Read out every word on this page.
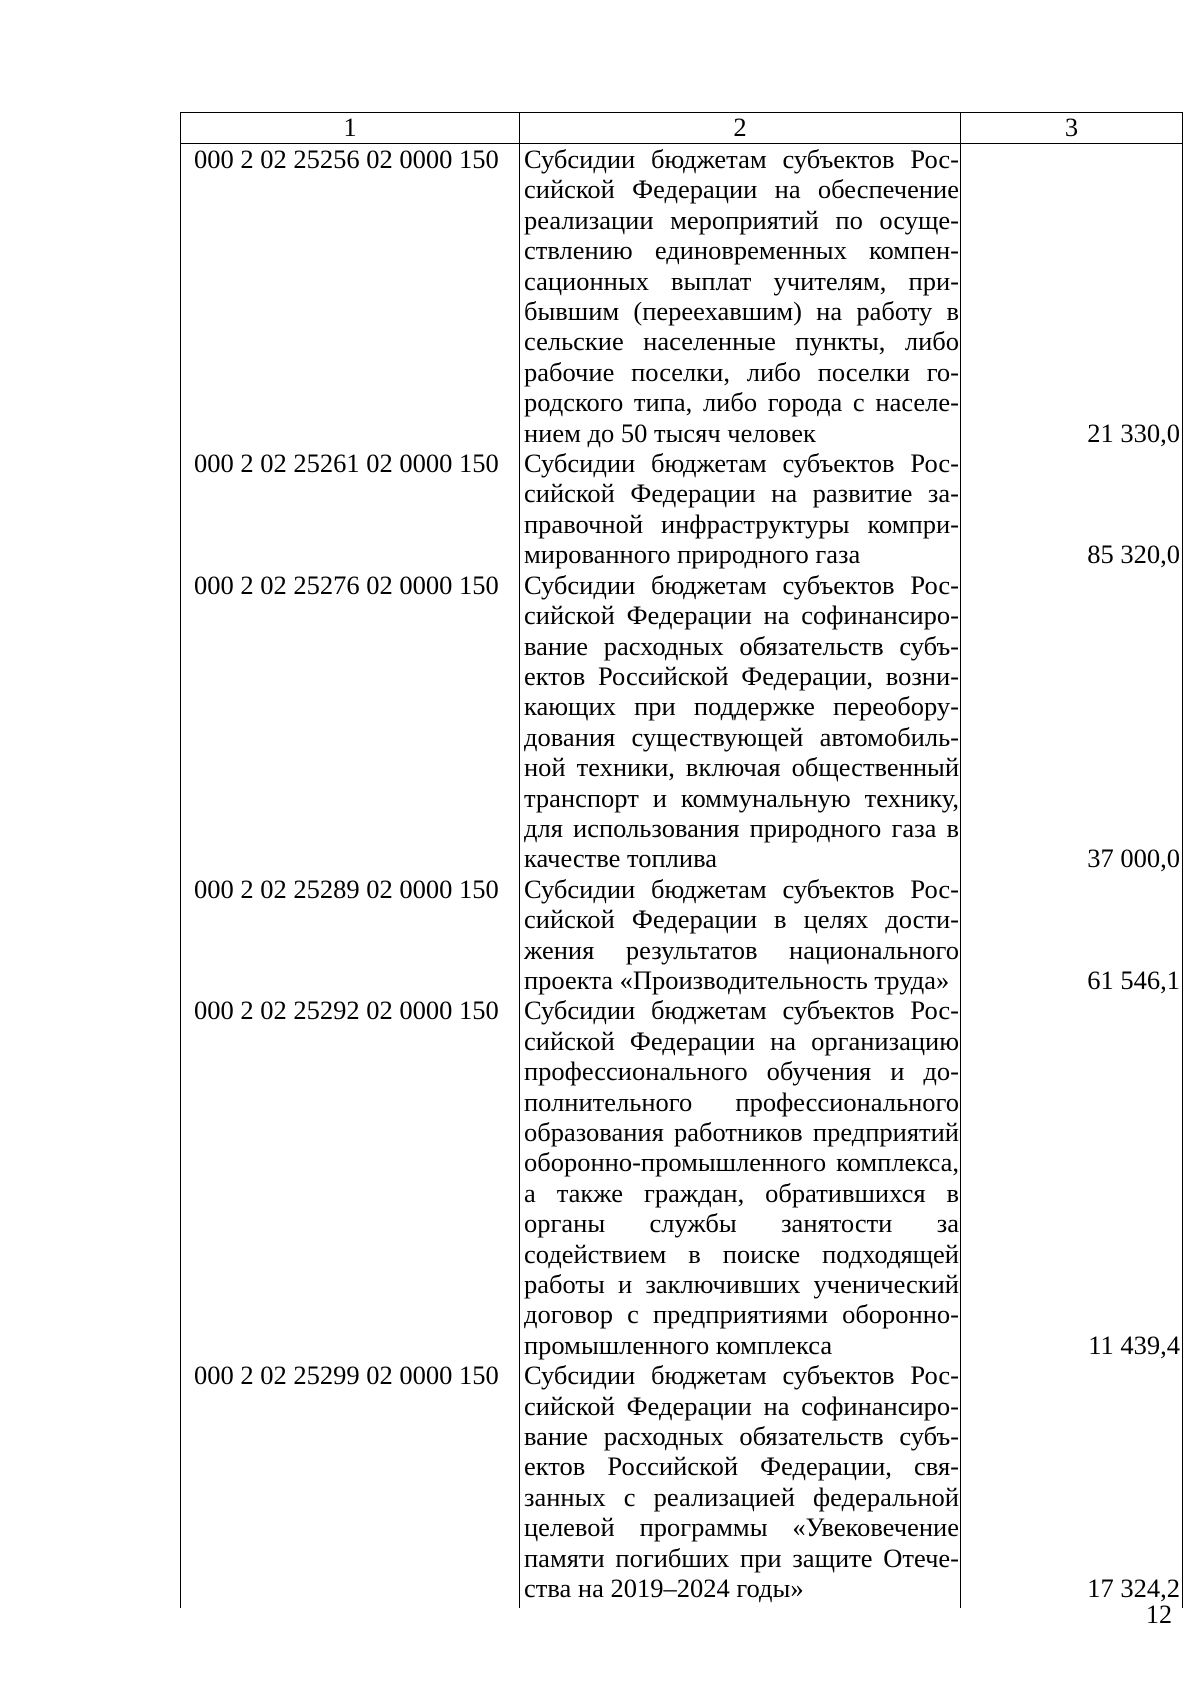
1	2	3
000 2 02 25256 02 0000 150	Субсидии бюджетам субъектов Российской Федерации на обеспечение реализации мероприятий по осуществлению единовременных компенсационных выплат учителям, прибывшим (переехавшим) на работу в сельские населенные пункты, либо рабочие поселки, либо поселки городского типа, либо города с населением до 50 тысяч человек	21 330,0
000 2 02 25261 02 0000 150	Субсидии бюджетам субъектов Российской Федерации на развитие заправочной инфраструктуры компримированного природного газа	85 320,0
000 2 02 25276 02 0000 150	Субсидии бюджетам субъектов Российской Федерации на софинансирование расходных обязательств субъектов Российской Федерации, возникающих при поддержке переоборудования существующей автомобильной техники, включая общественный транспорт и коммунальную технику, для использования природного газа в качестве топлива	37 000,0
000 2 02 25289 02 0000 150	Субсидии бюджетам субъектов Российской Федерации в целях достижения результатов национального проекта «Производительность труда»	61 546,1
000 2 02 25292 02 0000 150	Субсидии бюджетам субъектов Российской Федерации на организацию профессионального обучения и дополнительного профессионального образования работников предприятий оборонно-промышленного комплекса, а также граждан, обратившихся в органы службы занятости за содействием в поиске подходящей работы и заключивших ученический договор с предприятиями оборонно-промышленного комплекса	11 439,4
000 2 02 25299 02 0000 150	Субсидии бюджетам субъектов Российской Федерации на софинансирование расходных обязательств субъектов Российской Федерации, связанных с реализацией федеральной целевой программы «Увековечение памяти погибших при защите Отечества на 2019–2024 годы»	17 324,2
12
